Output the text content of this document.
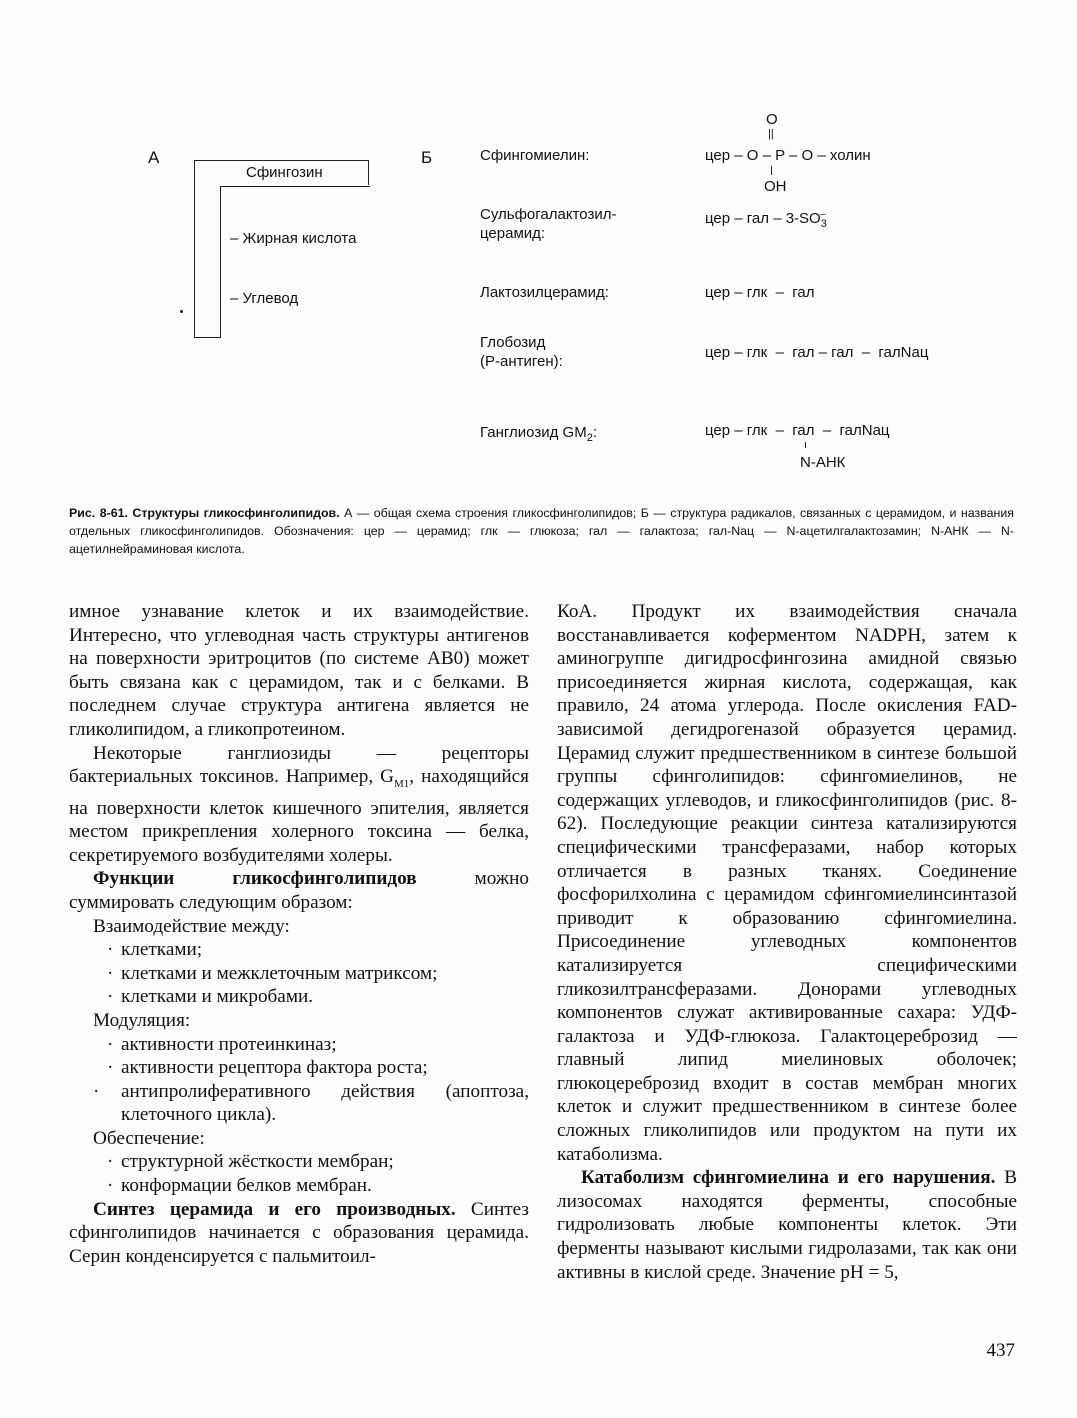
А	Б
Сфингозин
– Жирная кислота
– Углевод
Сфингомиелин:
O
||
цер – O – P – O – холин
OH
Сульфогалактозил-
церамид:
цер – гал – $3-SO_3^-$
Лактозилцерамид:	цер – глк  –  гал
Глобозид
(Р-антиген):
цер – глк  –  гал – гал  –  галNaц
Ганглиозид $GM_2$:	цер – глк  –  гал  –  галNaц
N-АНК
Рис. 8-61. Структуры гликосфинголипидов. А — общая схема строения гликосфинголипидов; Б — структура радикалов, связанных с церамидом, и названия отдельных гликосфинголипидов. Обозначения: цер — церамид; глк — глюкоза; гал — галактоза; гал-Nац — N-ацетилгалактозамин; N-АНК — N-ацетилнейраминовая кислота.

имное узнавание клеток и их взаимодействие. Интересно, что углеводная часть структуры антигенов на поверхности эритроцитов (по системе АВ0) может быть связана как с церамидом, так и с белками. В последнем случае структура антигена является не гликолипидом, а гликопротеином.

Некоторые ганглиозиды — рецепторы бактериальных токсинов. Например, $G_{M1}$, находящийся на поверхности клеток кишечного эпителия, является местом прикрепления холерного токсина — белка, секретируемого возбудителями холеры.

Функции гликосфинголипидов можно суммировать следующим образом:

Взаимодействие между:

· клетками;

· клетками и межклеточным матриксом;

· клетками и микробами.

Модуляция:

· активности протеинкиназ;

· активности рецептора фактора роста;

· антипролиферативного действия (апоптоза, клеточного цикла).

Обеспечение:

· структурной жёсткости мембран;

· конформации белков мембран.

Синтез церамида и его производных. Синтез сфинголипидов начинается с образования церамида. Серин конденсируется с пальмитоил-

КоА. Продукт их взаимодействия сначала восстанавливается коферментом NADPH, затем к аминогруппе дигидросфингозина амидной связью присоединяется жирная кислота, содержащая, как правило, 24 атома углерода. После окисления FAD-зависимой дегидрогеназой образуется церамид. Церамид служит предшественником в синтезе большой группы сфинголипидов: сфингомиелинов, не содержащих углеводов, и гликосфинголипидов (рис. 8-62). Последующие реакции синтеза катализируются специфическими трансферазами, набор которых отличается в разных тканях. Соединение фосфорилхолина с церамидом сфингомиелинсинтазой приводит к образованию сфингомиелина. Присоединение углеводных компонентов катализируется специфическими гликозилтрансферазами. Донорами углеводных компонентов служат активированные сахара: УДФ-галактоза и УДФ-глюкоза. Галактоцереброзид — главный липид миелиновых оболочек; глюкоцереброзид входит в состав мембран многих клеток и служит предшественником в синтезе более сложных гликолипидов или продуктом на пути их катаболизма.

Катаболизм сфингомиелина и его нарушения. В лизосомах находятся ферменты, способные гидролизовать любые компоненты клеток. Эти ферменты называют кислыми гидролазами, так как они активны в кислой среде. Значение pH = 5,

437
